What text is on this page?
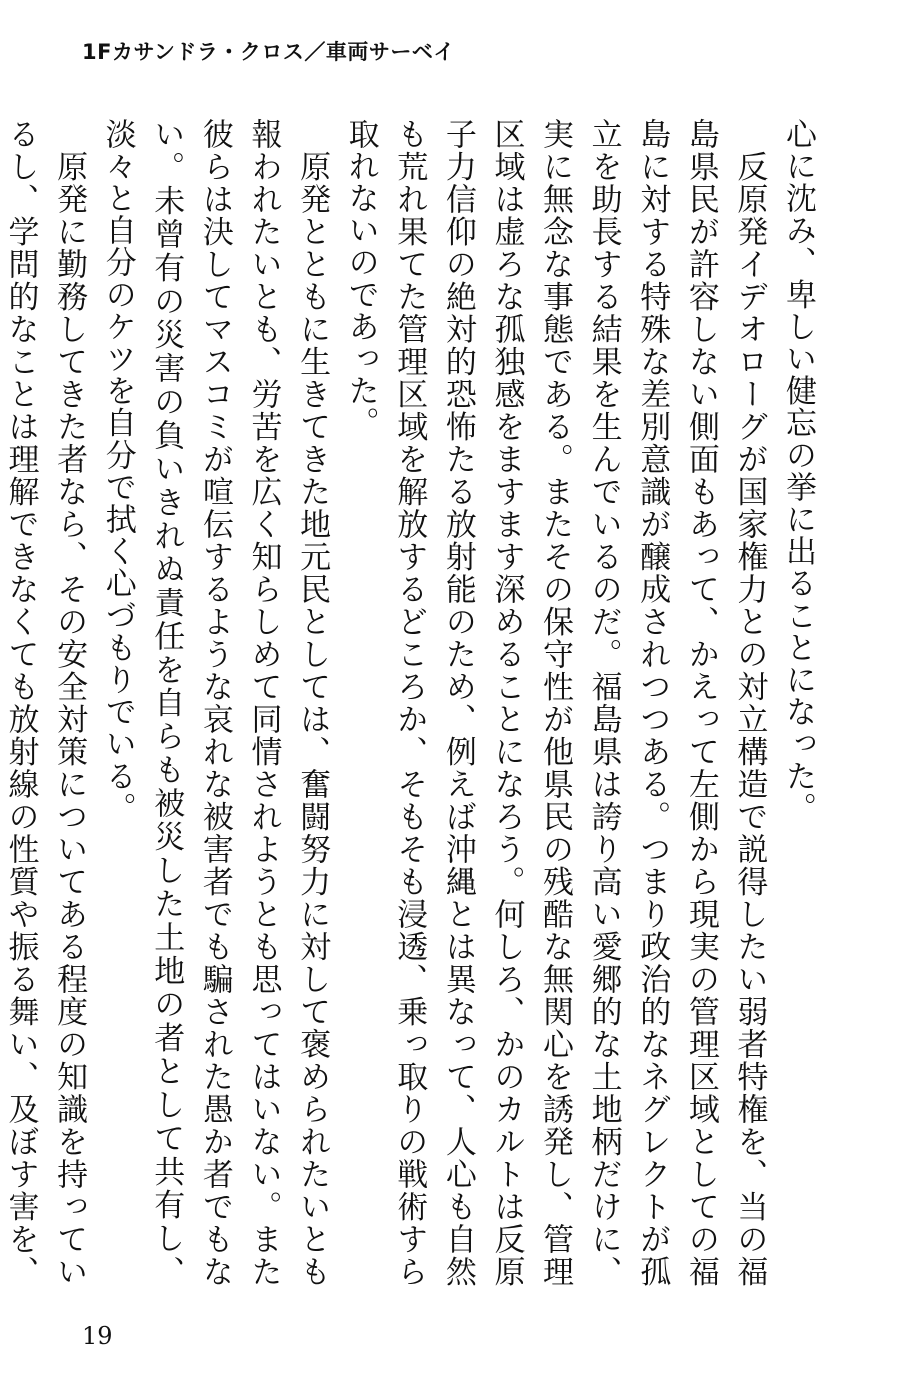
1Fカサンドラ・クロス／車両サーベイ

心に沈み、卑しい健忘の挙に出ることになった。

　反原発イデオローグが国家権力との対立構造で説得したい弱者特権を、当の福島県民が許容しない側面もあって、かえって左側から現実の管理区域としての福島に対する特殊な差別意識が醸成されつつある。つまり政治的なネグレクトが孤立を助長する結果を生んでいるのだ。福島県は誇り高い愛郷的な土地柄だけに、実に無念な事態である。またその保守性が他県民の残酷な無関心を誘発し、管理区域は虚ろな孤独感をますます深めることになろう。何しろ、かのカルトは反原子力信仰の絶対的恐怖たる放射能のため、例えば沖縄とは異なって、人心も自然も荒れ果てた管理区域を解放するどころか、そもそも浸透、乗っ取りの戦術すら取れないのであった。

　原発とともに生きてきた地元民としては、奮闘努力に対して褒められたいとも報われたいとも、労苦を広く知らしめて同情されようとも思ってはいない。また彼らは決してマスコミが喧伝するような哀れな被害者でも騙された愚か者でもない。未曾有の災害の負いきれぬ責任を自らも被災した土地の者として共有し、淡々と自分のケツを自分で拭く心づもりでいる。

　原発に勤務してきた者なら、その安全対策についてある程度の知識を持っているし、学問的なことは理解できなくても放射線の性質や振る舞い、及ぼす害を、

19
